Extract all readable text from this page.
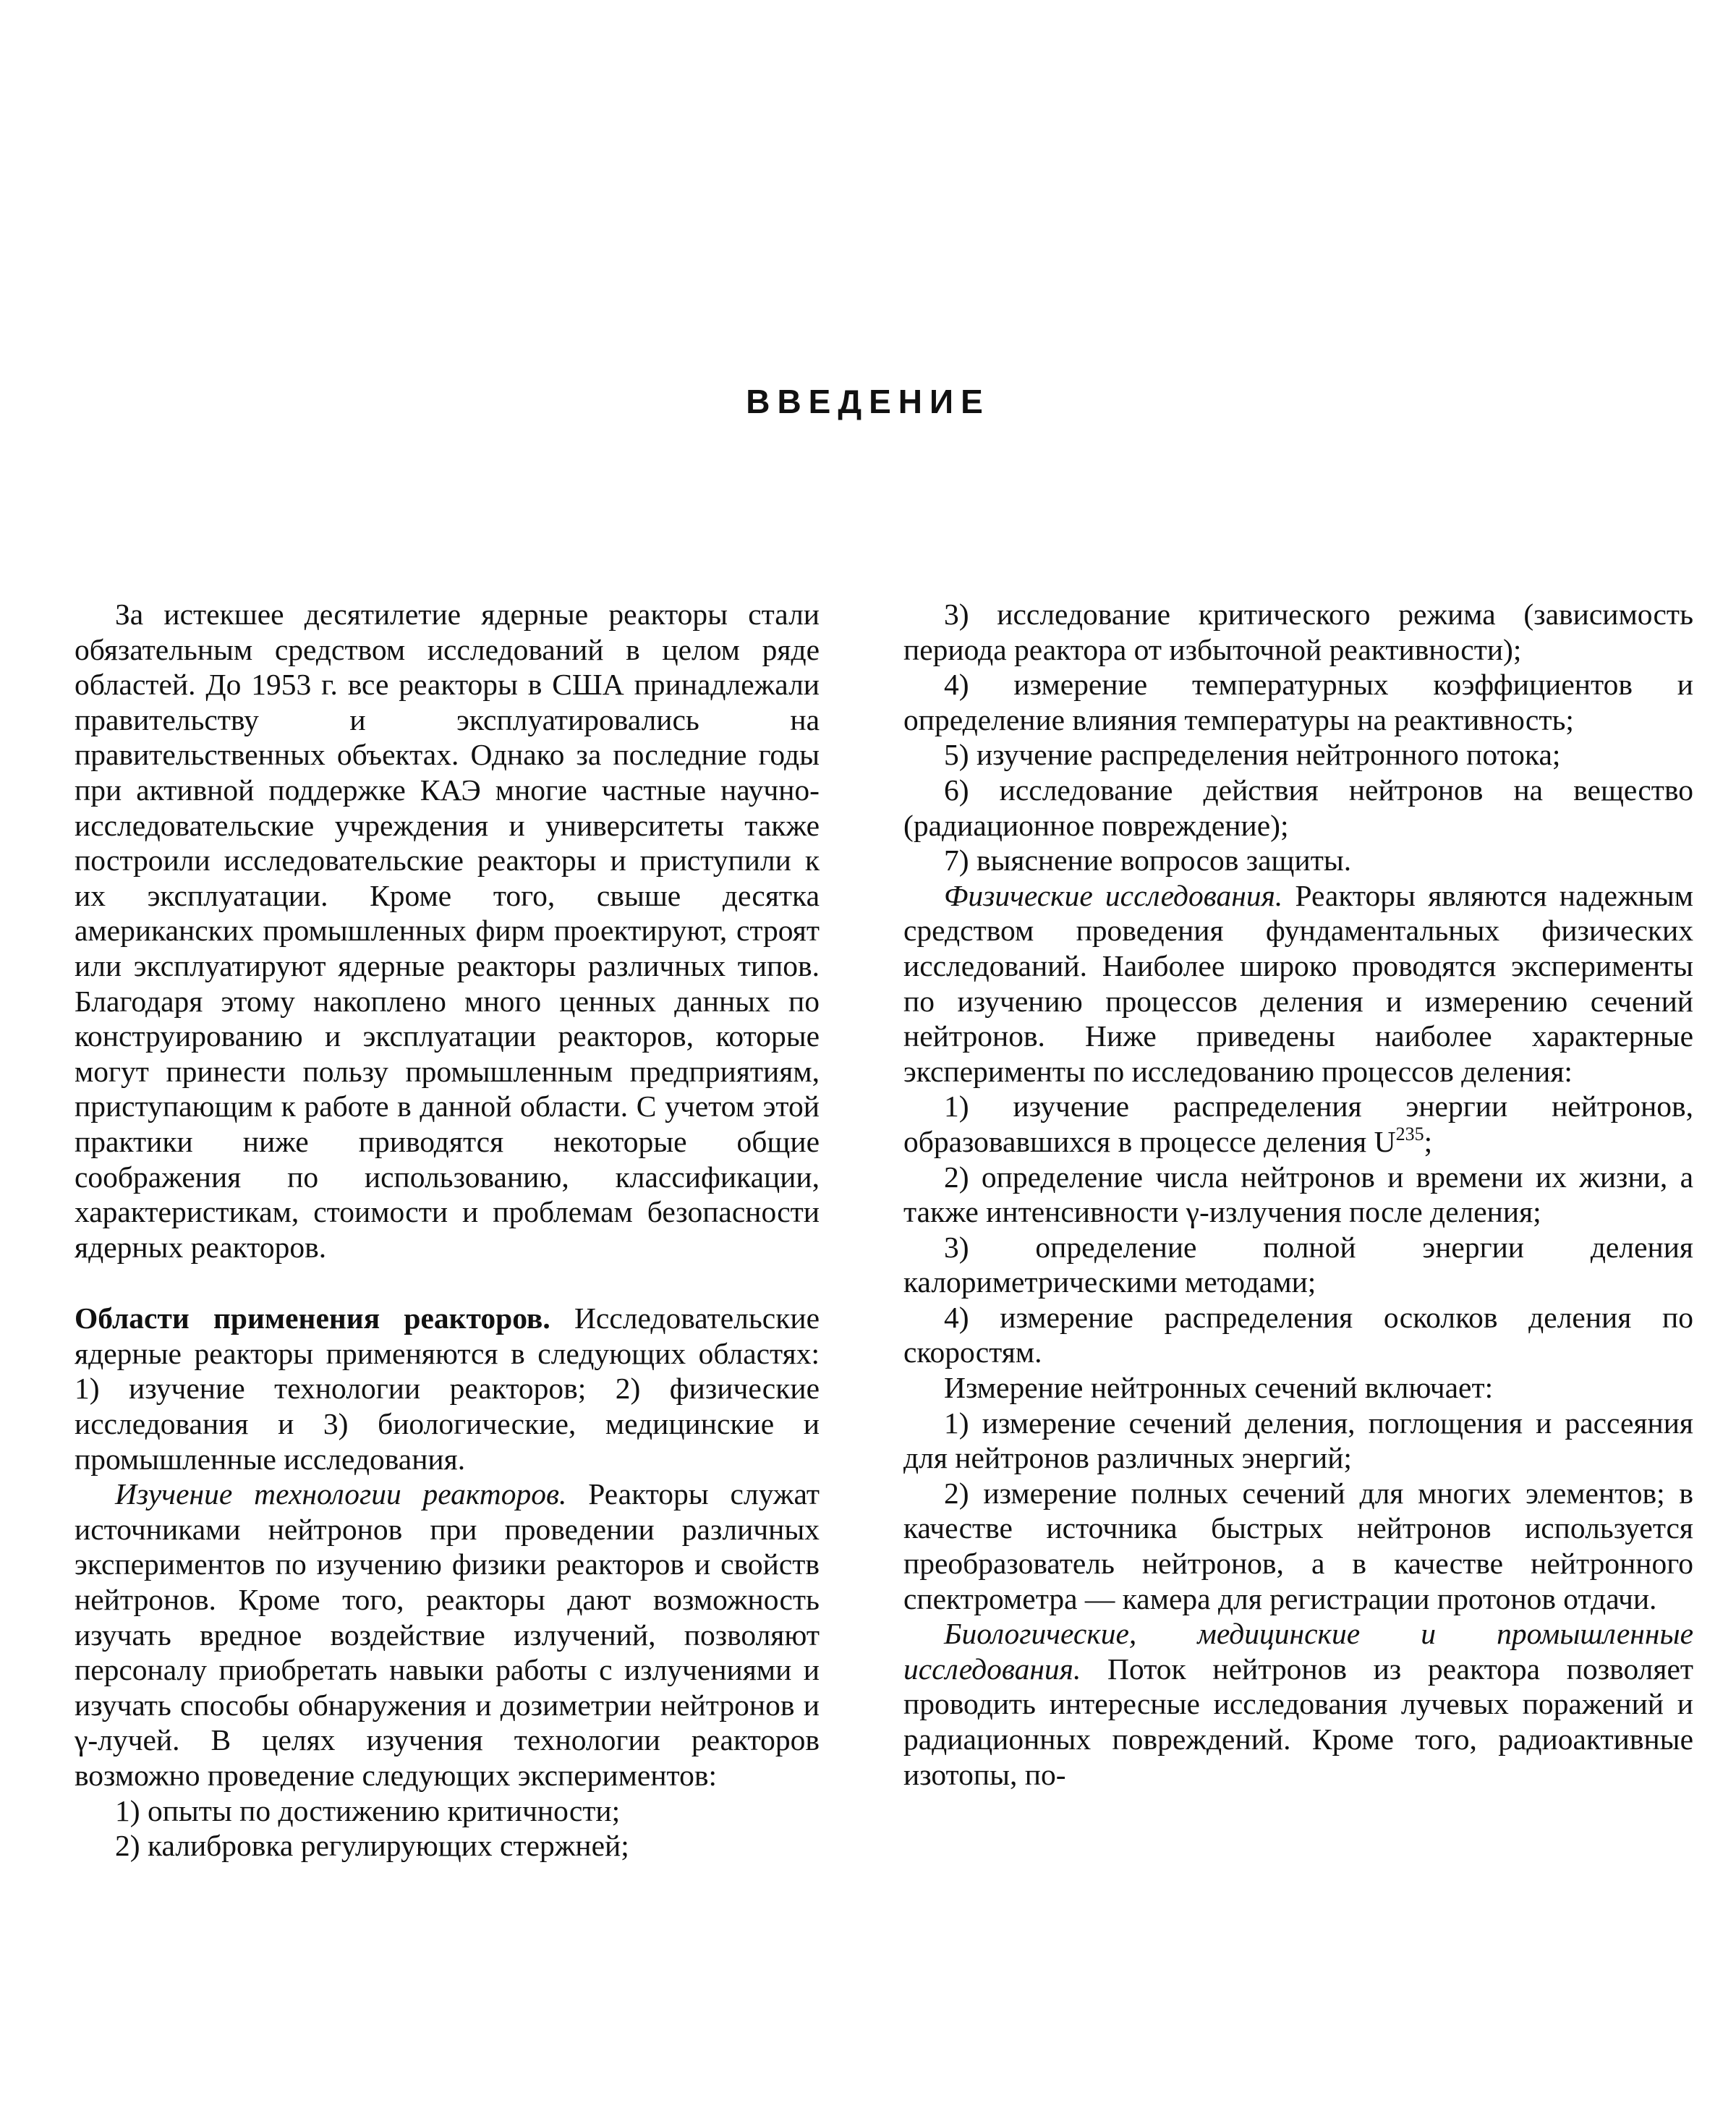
ВВЕДЕНИЕ

За истекшее десятилетие ядерные реакторы стали обязательным средством исследований в целом ряде областей. До 1953 г. все реакторы в США принадлежали правительству и эксплуатировались на правительственных объектах. Однако за последние годы при активной поддержке КАЭ многие частные научно-исследовательские учреждения и университеты также построили исследовательские реакторы и приступили к их эксплуатации. Кроме того, свыше десятка американских промышленных фирм проектируют, строят или эксплуатируют ядерные реакторы различных типов. Благодаря этому накоплено много ценных данных по конструированию и эксплуатации реакторов, которые могут принести пользу промышленным предприятиям, приступающим к работе в данной области. С учетом этой практики ниже приводятся некоторые общие соображения по использованию, классификации, характеристикам, стоимости и проблемам безопасности ядерных реакторов.

Области применения реакторов. Исследовательские ядерные реакторы применяются в следующих областях: 1) изучение технологии реакторов; 2) физические исследования и 3) биологические, медицинские и промышленные исследования.

Изучение технологии реакторов. Реакторы служат источниками нейтронов при проведении различных экспериментов по изучению физики реакторов и свойств нейтронов. Кроме того, реакторы дают возможность изучать вредное воздействие излучений, позволяют персоналу приобретать навыки работы с излучениями и изучать способы обнаружения и дозиметрии нейтронов и γ-лучей. В целях изучения технологии реакторов возможно проведение следующих экспериментов:

1) опыты по достижению критичности;

2) калибровка регулирующих стержней;

3) исследование критического режима (зависимость периода реактора от избыточной реактивности);

4) измерение температурных коэффициентов и определение влияния температуры на реактивность;

5) изучение распределения нейтронного потока;

6) исследование действия нейтронов на вещество (радиационное повреждение);

7) выяснение вопросов защиты.

Физические исследования. Реакторы являются надежным средством проведения фундаментальных физических исследований. Наиболее широко проводятся эксперименты по изучению процессов деления и измерению сечений нейтронов. Ниже приведены наиболее характерные эксперименты по исследованию процессов деления:

1) изучение распределения энергии нейтронов, образовавшихся в процессе деления $U^{235}$;

2) определение числа нейтронов и времени их жизни, а также интенсивности γ-излучения после деления;

3) определение полной энергии деления калориметрическими методами;

4) измерение распределения осколков деления по скоростям.

Измерение нейтронных сечений включает:

1) измерение сечений деления, поглощения и рассеяния для нейтронов различных энергий;

2) измерение полных сечений для многих элементов; в качестве источника быстрых нейтронов используется преобразователь нейтронов, а в качестве нейтронного спектрометра — камера для регистрации протонов отдачи.

Биологические, медицинские и промышленные исследования. Поток нейтронов из реактора позволяет проводить интересные исследования лучевых поражений и радиационных повреждений. Кроме того, радиоактивные изотопы, по-
